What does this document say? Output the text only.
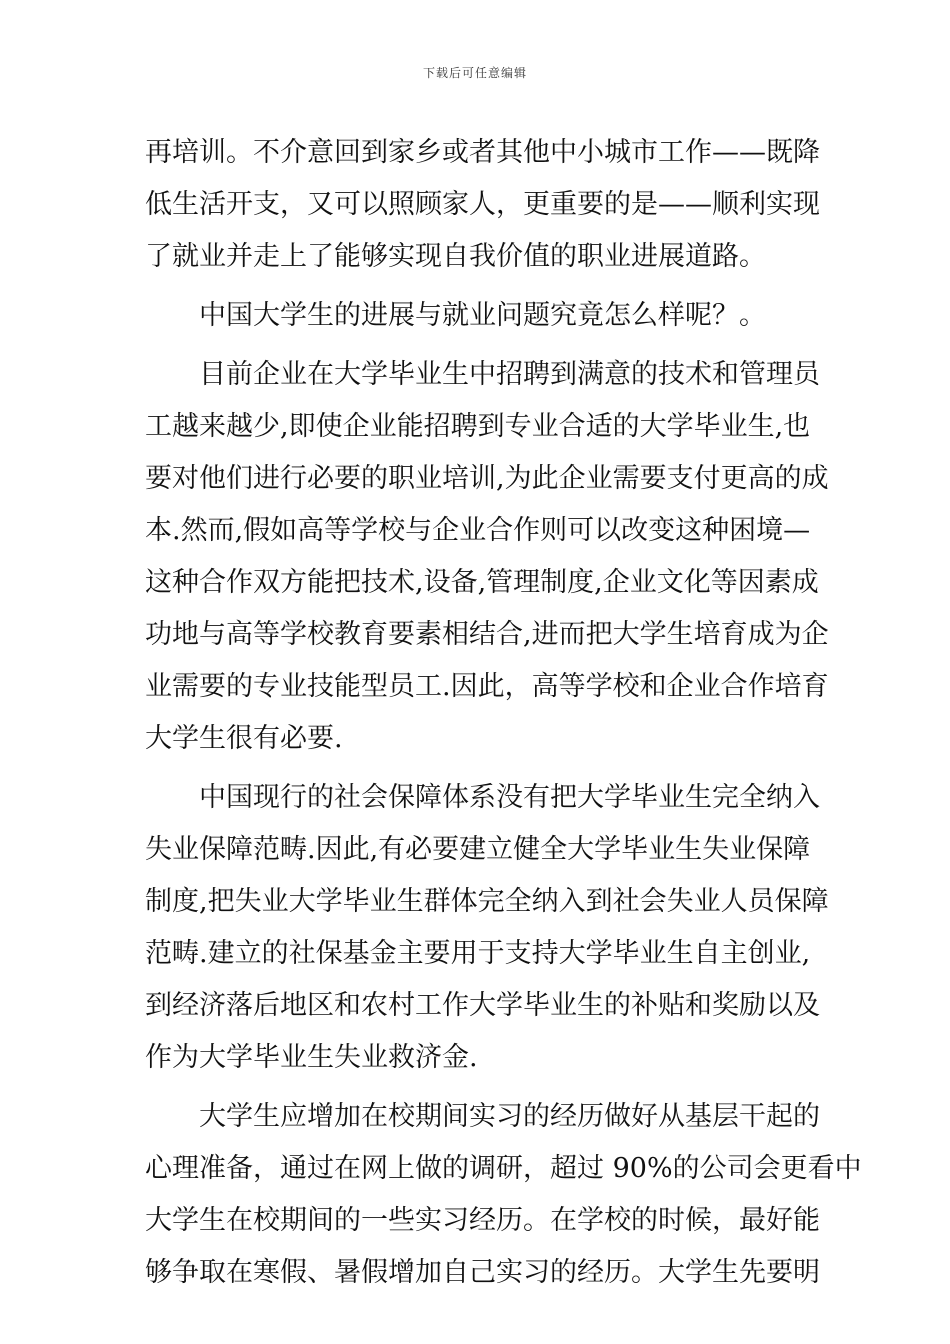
下载后可任意编辑
再培训。不介意回到家乡或者其他中小城市工作——既降
低生活开支，又可以照顾家人，更重要的是——顺利实现
了就业并走上了能够实现自我价值的职业进展道路。
中国大学生的进展与就业问题究竟怎么样呢？。
目前企业在大学毕业生中招聘到满意的技术和管理员
工越来越少,即使企业能招聘到专业合适的大学毕业生,也
要对他们进行必要的职业培训,为此企业需要支付更高的成
本.然而,假如高等学校与企业合作则可以改变这种困境—
这种合作双方能把技术,设备,管理制度,企业文化等因素成
功地与高等学校教育要素相结合,进而把大学生培育成为企
业需要的专业技能型员工.因此，高等学校和企业合作培育
大学生很有必要.
中国现行的社会保障体系没有把大学毕业生完全纳入
失业保障范畴.因此,有必要建立健全大学毕业生失业保障
制度,把失业大学毕业生群体完全纳入到社会失业人员保障
范畴.建立的社保基金主要用于支持大学毕业生自主创业,
到经济落后地区和农村工作大学毕业生的补贴和奖励以及
作为大学毕业生失业救济金.
大学生应增加在校期间实习的经历做好从基层干起的
心理准备，通过在网上做的调研，超过 90%的公司会更看中
大学生在校期间的一些实习经历。在学校的时候，最好能
够争取在寒假、暑假增加自己实习的经历。大学生先要明
